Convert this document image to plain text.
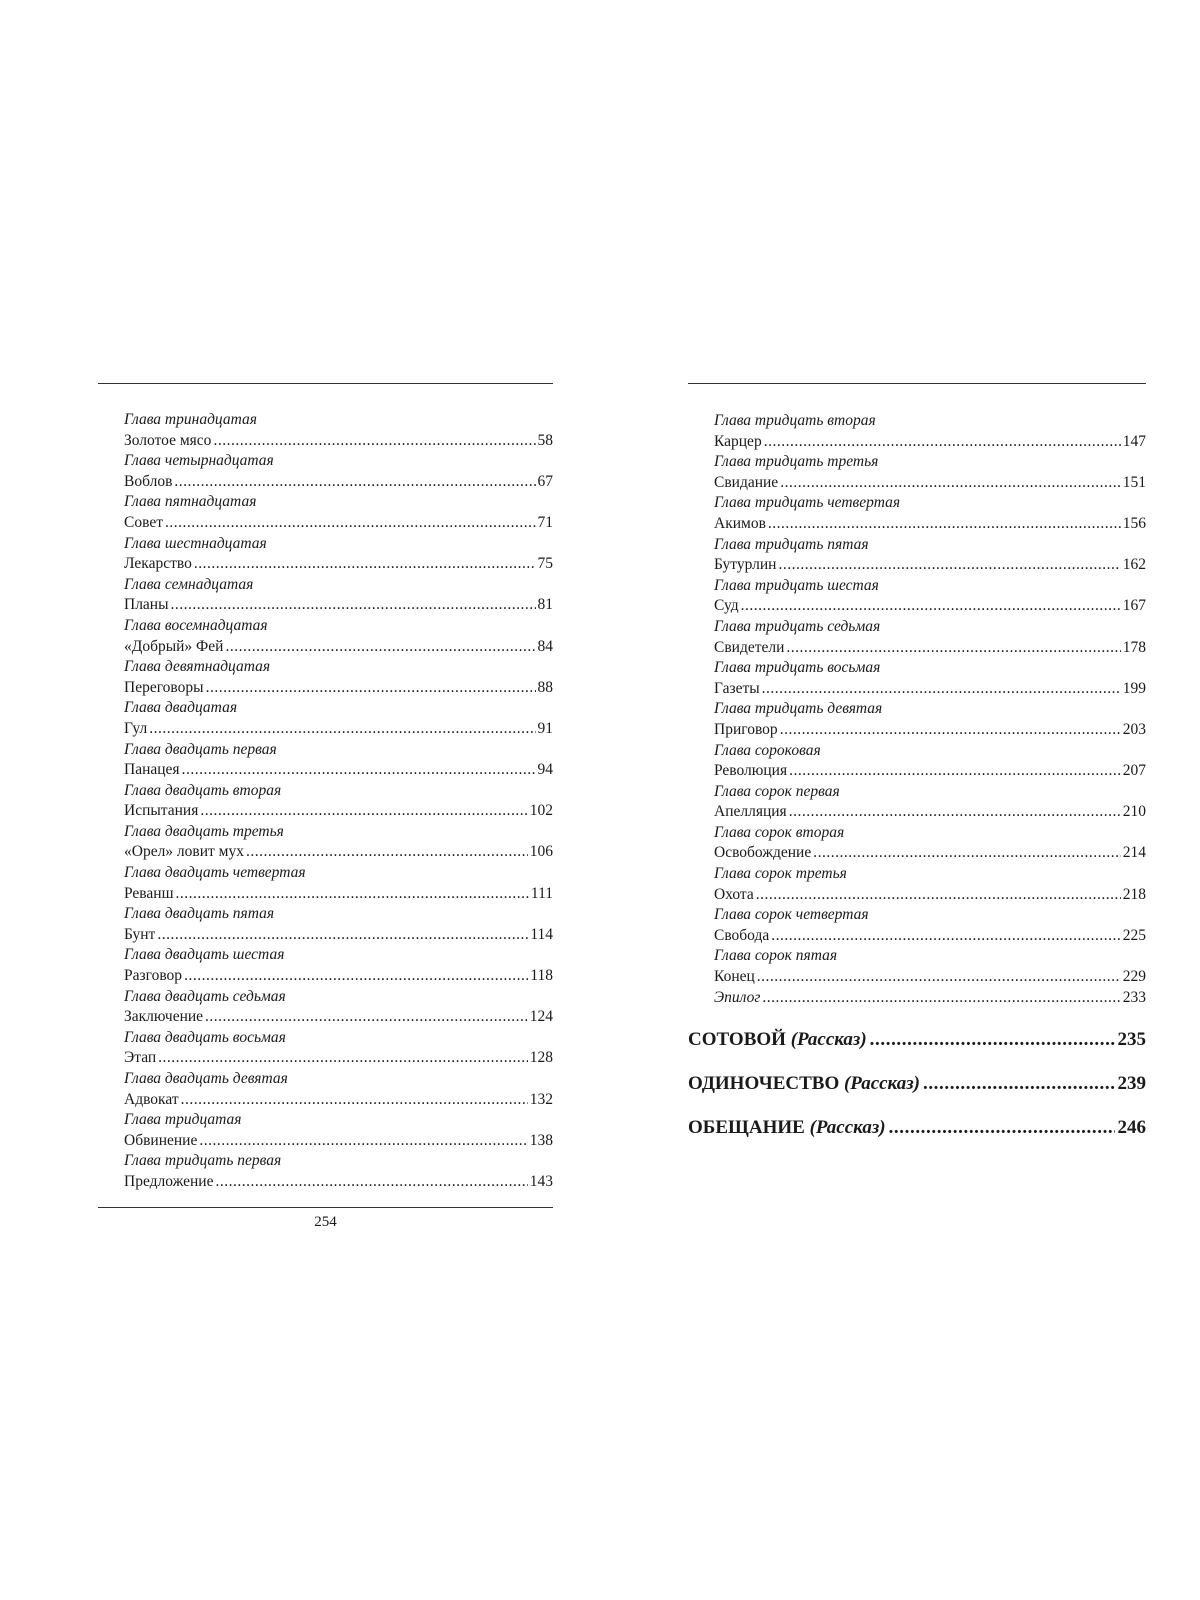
Глава тринадцатая
Золотое мясо .....	58
Глава четырнадцатая
Воблов .....	67
Глава пятнадцатая
Совет .....	71
Глава шестнадцатая
Лекарство .....	75
Глава семнадцатая
Планы .....	81
Глава восемнадцатая
«Добрый» Фей .....	84
Глава девятнадцатая
Переговоры .....	88
Глава двадцатая
Гул .....	91
Глава двадцать первая
Панацея .....	94
Глава двадцать вторая
Испытания .....	102
Глава двадцать третья
«Орел» ловит мух .....	106
Глава двадцать четвертая
Реванш .....	111
Глава двадцать пятая
Бунт .....	114
Глава двадцать шестая
Разговор .....	118
Глава двадцать седьмая
Заключение .....	124
Глава двадцать восьмая
Этап .....	128
Глава двадцать девятая
Адвокат .....	132
Глава тридцатая
Обвинение .....	138
Глава тридцать первая
Предложение .....	143
254
Глава тридцать вторая
Карцер .....	147
Глава тридцать третья
Свидание .....	151
Глава тридцать четвертая
Акимов .....	156
Глава тридцать пятая
Бутурлин .....	162
Глава тридцать шестая
Суд .....	167
Глава тридцать седьмая
Свидетели .....	178
Глава тридцать восьмая
Газеты .....	199
Глава тридцать девятая
Приговор .....	203
Глава сороковая
Революция .....	207
Глава сорок первая
Апелляция .....	210
Глава сорок вторая
Освобождение .....	214
Глава сорок третья
Охота .....	218
Глава сорок четвертая
Свобода .....	225
Глава сорок пятая
Конец .....	229
Эпилог .....	233
СОТОВОЙ (Рассказ) .....	235
ОДИНОЧЕСТВО (Рассказ) .....	239
ОБЕЩАНИЕ (Рассказ) .....	246
